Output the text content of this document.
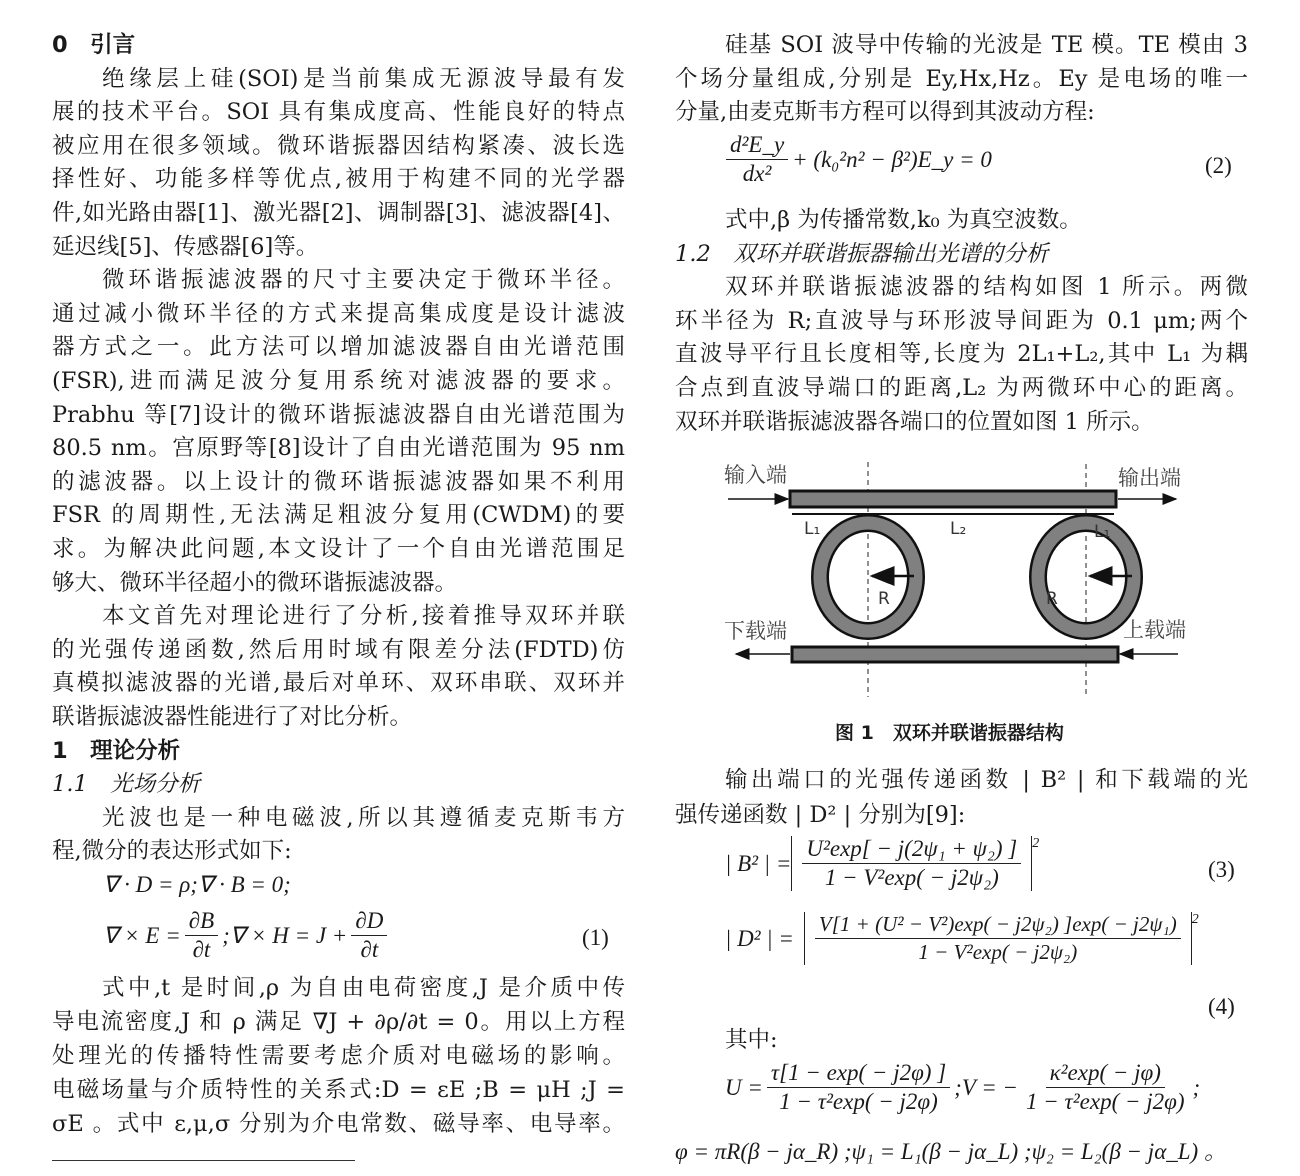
0　引言
绝缘层上硅(SOI)是当前集成无源波导最有发
展的技术平台。SOI 具有集成度高、性能良好的特点
被应用在很多领域。微环谐振器因结构紧凑、波长选
择性好、功能多样等优点,被用于构建不同的光学器
件,如光路由器[1]、激光器[2]、调制器[3]、滤波器[4]、
延迟线[5]、传感器[6]等。
微环谐振滤波器的尺寸主要决定于微环半径。
通过减小微环半径的方式来提高集成度是设计滤波
器方式之一。此方法可以增加滤波器自由光谱范围
(FSR),进而满足波分复用系统对滤波器的要求。
Prabhu 等[7]设计的微环谐振滤波器自由光谱范围为
80.5 nm。宫原野等[8]设计了自由光谱范围为 95 nm
的滤波器。以上设计的微环谐振滤波器如果不利用
FSR 的周期性,无法满足粗波分复用(CWDM)的要
求。为解决此问题,本文设计了一个自由光谱范围足
够大、微环半径超小的微环谐振滤波器。
本文首先对理论进行了分析,接着推导双环并联
的光强传递函数,然后用时域有限差分法(FDTD)仿
真模拟滤波器的光谱,最后对单环、双环串联、双环并
联谐振滤波器性能进行了对比分析。
1　理论分析
1.1　光场分析
光波也是一种电磁波,所以其遵循麦克斯韦方
程,微分的表达形式如下:
式中,t 是时间,ρ 为自由电荷密度,J 是介质中传
导电流密度,J 和 ρ 满足 ∇J + ∂ρ/∂t = 0。用以上方程
处理光的传播特性需要考虑介质对电磁场的影响。
电磁场量与介质特性的关系式:D = εE ;B = μH ;J =
σE 。式中 ε,μ,σ 分别为介电常数、磁导率、电导率。
硅基 SOI 波导中传输的光波是 TE 模。TE 模由 3
个场分量组成,分别是 Ey,Hx,Hz。Ey 是电场的唯一
分量,由麦克斯韦方程可以得到其波动方程:
式中,β 为传播常数,k₀ 为真空波数。
1.2　双环并联谐振器输出光谱的分析
双环并联谐振滤波器的结构如图 1 所示。两微
环半径为 R;直波导与环形波导间距为 0.1 μm;两个
直波导平行且长度相等,长度为 2L₁+L₂,其中 L₁ 为耦
合点到直波导端口的距离,L₂ 为两微环中心的距离。
双环并联谐振滤波器各端口的位置如图 1 所示。
输出端口的光强传递函数 | B² | 和下载端的光
强传递函数 | D² | 分别为[9]:
∇ · D = ρ;∇ · B = 0;
∇ × $E = \frac{\partial B}{\partial t}$ ;∇ × $H = J + \frac{\partial D}{\partial t}$	(1)
$\frac{\text{d²E\_y}}{\text{dx²}} + (k_0^2n^2$ − β²)E_y = 0	(2)
| B² | = $\frac{\text{U²exp[ − j(2ψ₁ + ψ₂) ]}}{\text{1 − V²exp( − j2ψ₂)}} ^2$
(3)
| D² | = $\frac{\text{V[1 + (U² − V²)exp( − j2ψ₂) ]exp( − j2ψ₁)}}{\text{1 − V²exp( − j2ψ₂)}} ^2$
(4)
其中:
$U = \frac{\tau[1 - \exp( - j2\varphi) ]}{\text{1 − τ²exp( − j2φ)}}$ ;V = − $\frac{\text{κ²exp( − jφ)}}{\text{1 − τ²exp( − j2φ)}}$ ;
φ = πR(β − jα_R) ;ψ₁ = L₁(β − jα_L) ;ψ₂ = L₂(β − jα_L) 。
输入端	输出端
下载端	上载端
L₁	L₂	L₁
R	R
图 1　双环并联谐振器结构
